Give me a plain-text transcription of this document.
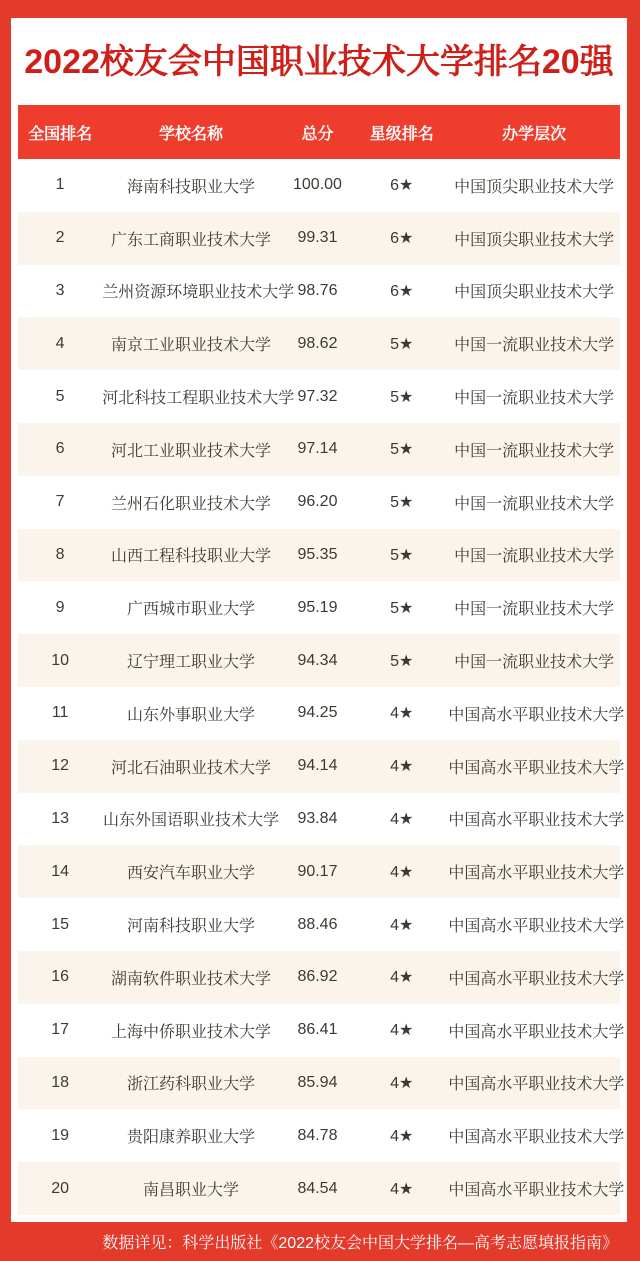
2022校友会中国职业技术大学排名20强
全国排名	学校名称	总分	星级排名	办学层次
1	海南科技职业大学	100.00	6★	中国顶尖职业技术大学
2	广东工商职业技术大学	99.31	6★	中国顶尖职业技术大学
3	兰州资源环境职业技术大学 98.76	6★	中国顶尖职业技术大学
4	南京工业职业技术大学	98.62	5★	中国一流职业技术大学
5	河北科技工程职业技术大学 97.32	5★	中国一流职业技术大学
6	河北工业职业技术大学	97.14	5★	中国一流职业技术大学
7	兰州石化职业技术大学	96.20	5★	中国一流职业技术大学
8	山西工程科技职业大学	95.35	5★	中国一流职业技术大学
9	广西城市职业大学	95.19	5★	中国一流职业技术大学
10	辽宁理工职业大学	94.34	5★	中国一流职业技术大学
11	山东外事职业大学	94.25	4★	中国高水平职业技术大学
12	河北石油职业技术大学	94.14	4★	中国高水平职业技术大学
13	山东外国语职业技术大学	93.84	4★	中国高水平职业技术大学
14	西安汽车职业大学	90.17	4★	中国高水平职业技术大学
15	河南科技职业大学	88.46	4★	中国高水平职业技术大学
16	湖南软件职业技术大学	86.92	4★	中国高水平职业技术大学
17	上海中侨职业技术大学	86.41	4★	中国高水平职业技术大学
18	浙江药科职业大学	85.94	4★	中国高水平职业技术大学
19	贵阳康养职业大学	84.78	4★	中国高水平职业技术大学
20	南昌职业大学	84.54	4★	中国高水平职业技术大学
数据详见：科学出版社《2022校友会中国大学排名—高考志愿填报指南》
